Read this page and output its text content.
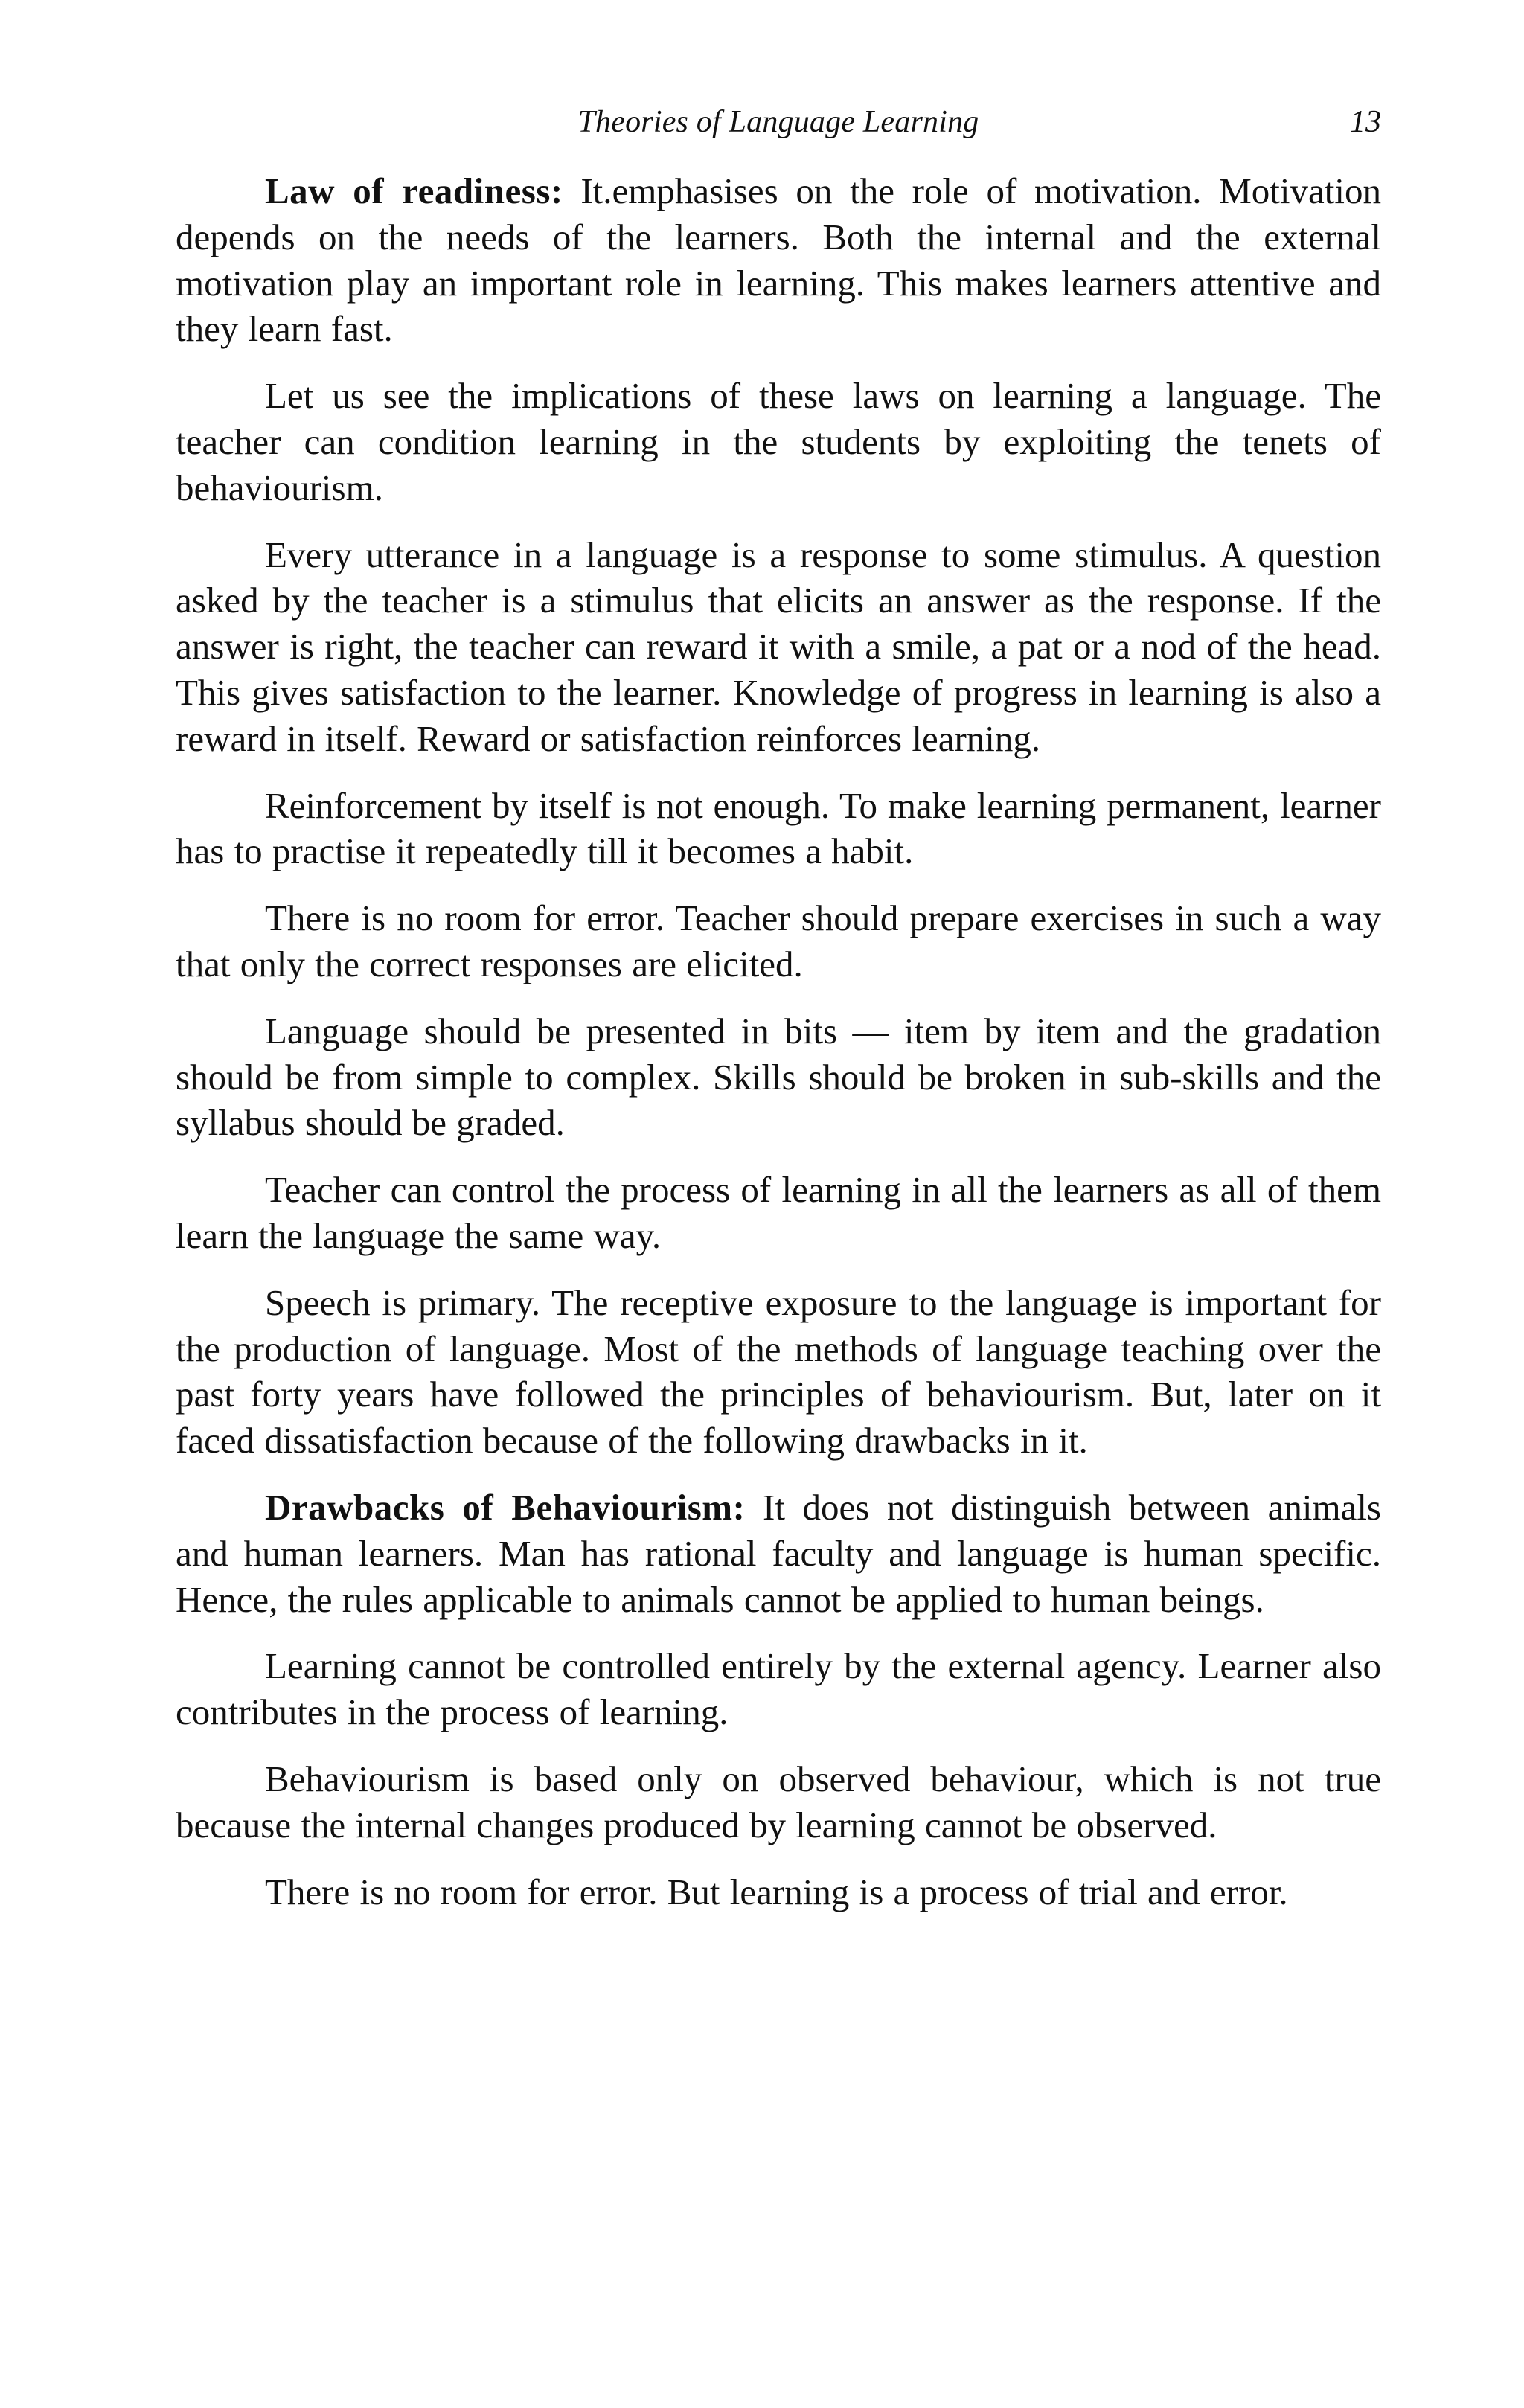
Theories of Language Learning	13

Law of readiness: It.emphasises on the role of motivation. Motivation depends on the needs of the learners. Both the internal and the external motivation play an important role in learning. This makes learners attentive and they learn fast.

Let us see the implications of these laws on learning a language. The teacher can condition learning in the students by exploiting the tenets of behaviourism.

Every utterance in a language is a response to some stimulus. A question asked by the teacher is a stimulus that elicits an answer as the response. If the answer is right, the teacher can reward it with a smile, a pat or a nod of the head. This gives satisfaction to the learner. Knowledge of progress in learning is also a reward in itself. Reward or satisfaction reinforces learning.

Reinforcement by itself is not enough. To make learning permanent, learner has to practise it repeatedly till it becomes a habit.

There is no room for error. Teacher should prepare exercises in such a way that only the correct responses are elicited.

Language should be presented in bits — item by item and the gradation should be from simple to complex. Skills should be broken in sub-skills and the syllabus should be graded.

Teacher can control the process of learning in all the learners as all of them learn the language the same way.

Speech is primary. The receptive exposure to the language is important for the production of language. Most of the methods of language teaching over the past forty years have followed the principles of behaviourism. But, later on it faced dissatisfaction because of the following drawbacks in it.

Drawbacks of Behaviourism: It does not distinguish between animals and human learners. Man has rational faculty and language is human specific. Hence, the rules applicable to animals cannot be applied to human beings.

Learning cannot be controlled entirely by the external agency. Learner also contributes in the process of learning.

Behaviourism is based only on observed behaviour, which is not true because the internal changes produced by learning cannot be observed.

There is no room for error. But learning is a process of trial and error.
